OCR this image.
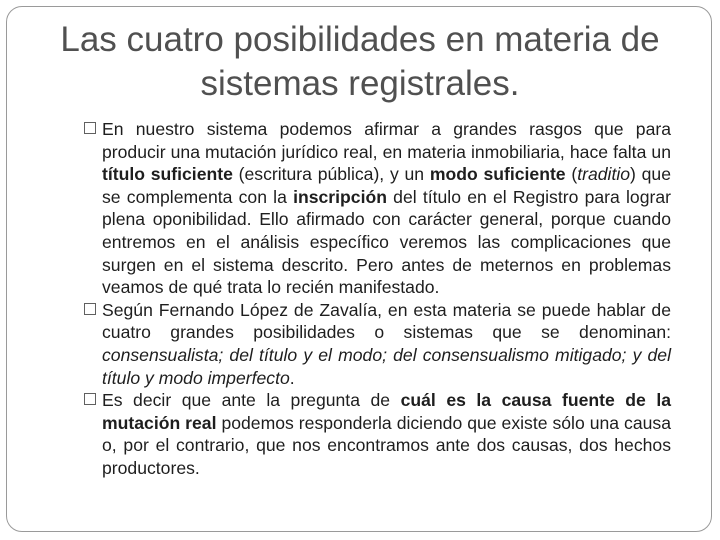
Las cuatro posibilidades en materia de sistemas registrales.
En nuestro sistema podemos afirmar a grandes rasgos que para producir una mutación jurídico real, en materia inmobiliaria, hace falta un título suficiente (escritura pública), y un modo suficiente (traditio) que se complementa con la inscripción del título en el Registro para lograr plena oponibilidad. Ello afirmado con carácter general, porque cuando entremos en el análisis específico veremos las complicaciones que surgen en el sistema descrito. Pero antes de meternos en problemas veamos de qué trata lo recién manifestado.
Según Fernando López de Zavalía, en esta materia se puede hablar de cuatro grandes posibilidades o sistemas que se denominan: consensualista; del título y el modo; del consensualismo mitigado; y del título y modo imperfecto.
Es decir que ante la pregunta de cuál es la causa fuente de la mutación real podemos responderla diciendo que existe sólo una causa o, por el contrario, que nos encontramos ante dos causas, dos hechos productores.
